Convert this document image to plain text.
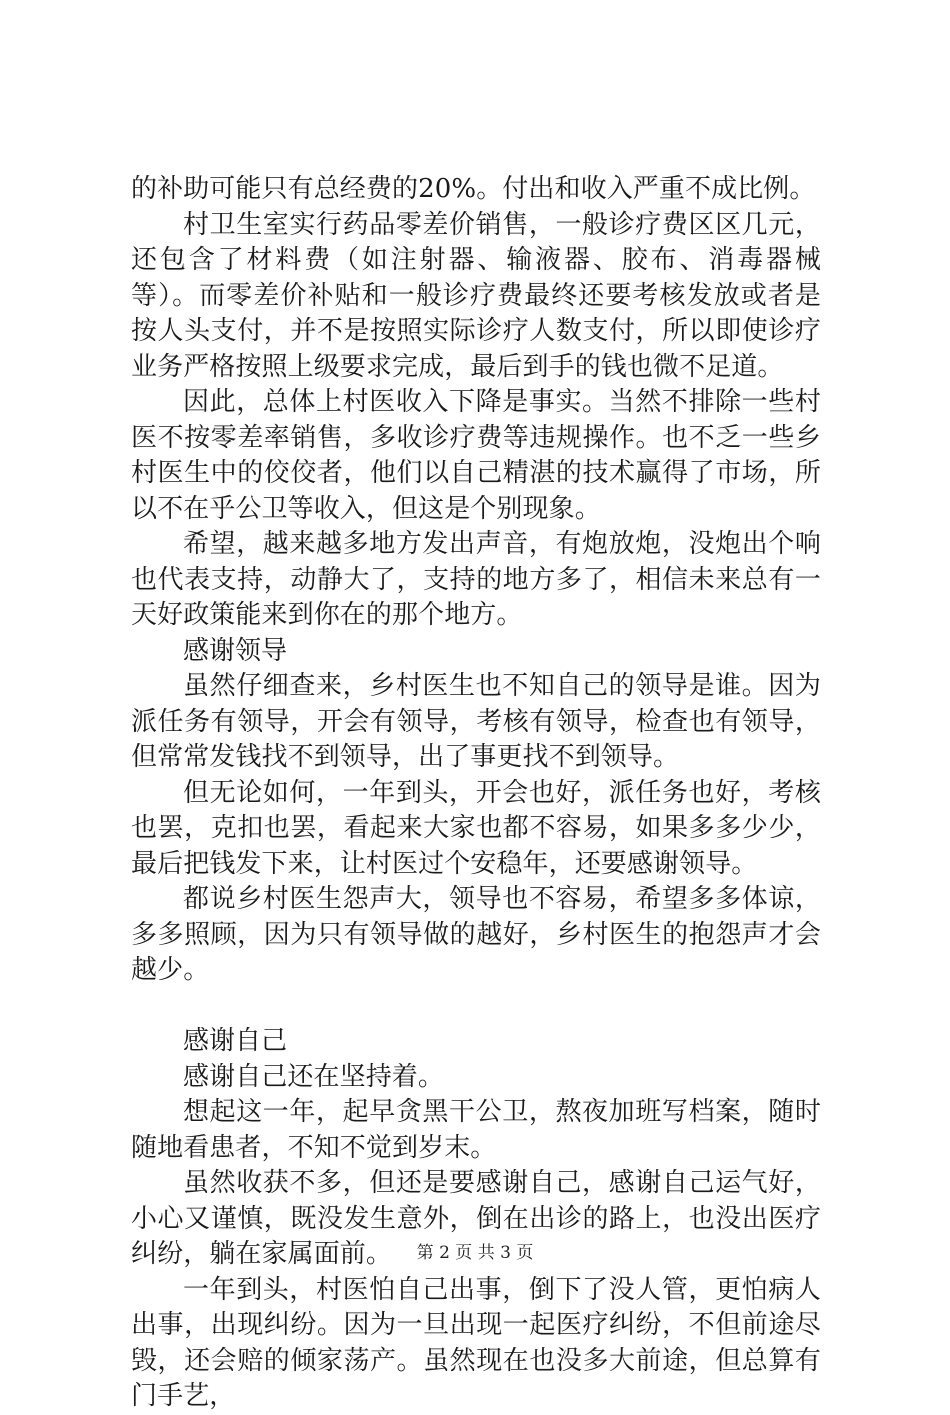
的补助可能只有总经费的20%。付出和收入严重不成比例。

村卫生室实行药品零差价销售，一般诊疗费区区几元，还包含了材料费（如注射器、输液器、胶布、消毒器械等）。而零差价补贴和一般诊疗费最终还要考核发放或者是按人头支付，并不是按照实际诊疗人数支付，所以即使诊疗业务严格按照上级要求完成，最后到手的钱也微不足道。

因此，总体上村医收入下降是事实。当然不排除一些村医不按零差率销售，多收诊疗费等违规操作。也不乏一些乡村医生中的佼佼者，他们以自己精湛的技术赢得了市场，所以不在乎公卫等收入，但这是个别现象。

希望，越来越多地方发出声音，有炮放炮，没炮出个响也代表支持，动静大了，支持的地方多了，相信未来总有一天好政策能来到你在的那个地方。

感谢领导

虽然仔细查来，乡村医生也不知自己的领导是谁。因为派任务有领导，开会有领导，考核有领导，检查也有领导，但常常发钱找不到领导，出了事更找不到领导。

但无论如何，一年到头，开会也好，派任务也好，考核也罢，克扣也罢，看起来大家也都不容易，如果多多少少，最后把钱发下来，让村医过个安稳年，还要感谢领导。

都说乡村医生怨声大，领导也不容易，希望多多体谅，多多照顾，因为只有领导做的越好，乡村医生的抱怨声才会越少。

感谢自己

感谢自己还在坚持着。

想起这一年，起早贪黑干公卫，熬夜加班写档案，随时随地看患者，不知不觉到岁末。

虽然收获不多，但还是要感谢自己，感谢自己运气好，小心又谨慎，既没发生意外，倒在出诊的路上，也没出医疗纠纷，躺在家属面前。

一年到头，村医怕自己出事，倒下了没人管，更怕病人出事，出现纠纷。因为一旦出现一起医疗纠纷，不但前途尽毁，还会赔的倾家荡产。虽然现在也没多大前途，但总算有门手艺，

第 2 页 共 3 页
